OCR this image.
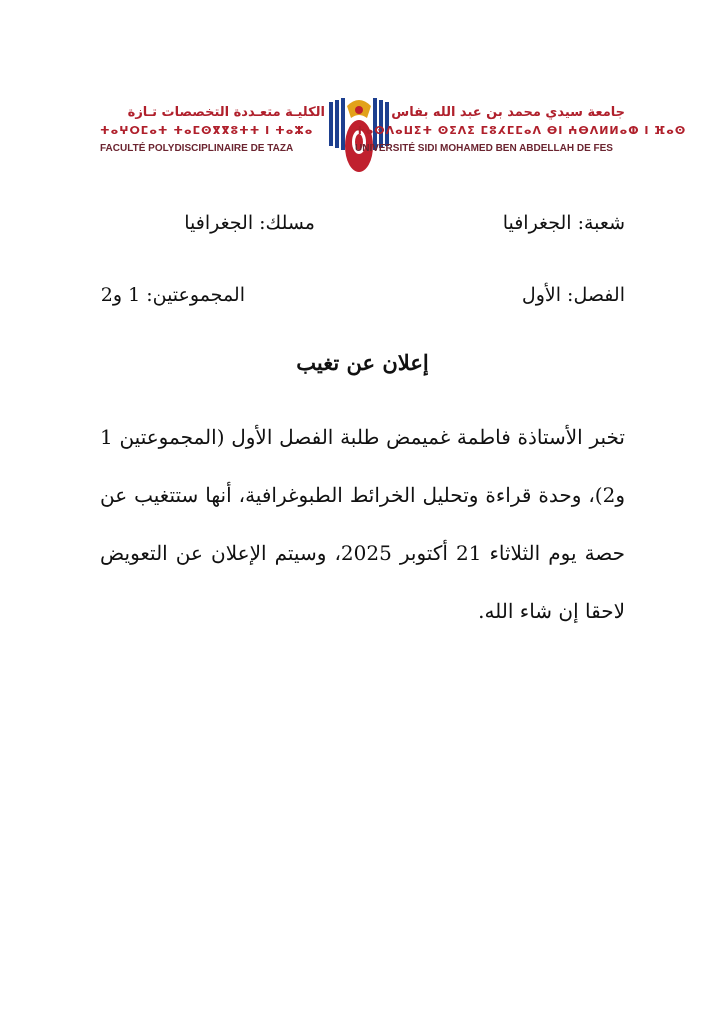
الكليـة متعـددة التخصصات تـازة
ⵜⴰⵖⵔⵎⴰⵜ ⵜⴰⵎⵙⴳⴳⵓⵜⵜ ⵏ ⵜⴰⵣⴰ
FACULTÉ POLYDISCIPLINAIRE DE TAZA
جامعة سيدي محمد بن عبد الله بفاس
ⵜⴰⵙⴷⴰⵡⵉⵜ ⵙⵉⴷⵉ ⵎⵓⵃⵎⵎⴰⴷ ⴱⵏ ⵄⴱⴷⵍⵍⴰⵀ ⵏ ⴼⴰⵙ
UNIVERSITÉ SIDI MOHAMED BEN ABDELLAH DE FES
شعبة: الجغرافيا
مسلك: الجغرافيا
الفصل: الأول
المجموعتين: 1 و2
إعلان عن تغيب
تخبر الأستاذة فاطمة غميمض طلبة الفصل الأول (المجموعتين 1 و2)، وحدة قراءة وتحليل الخرائط الطبوغرافية، أنها ستتغيب عن حصة يوم الثلاثاء 21 أكتوبر 2025، وسيتم الإعلان عن التعويض لاحقا إن شاء الله.
